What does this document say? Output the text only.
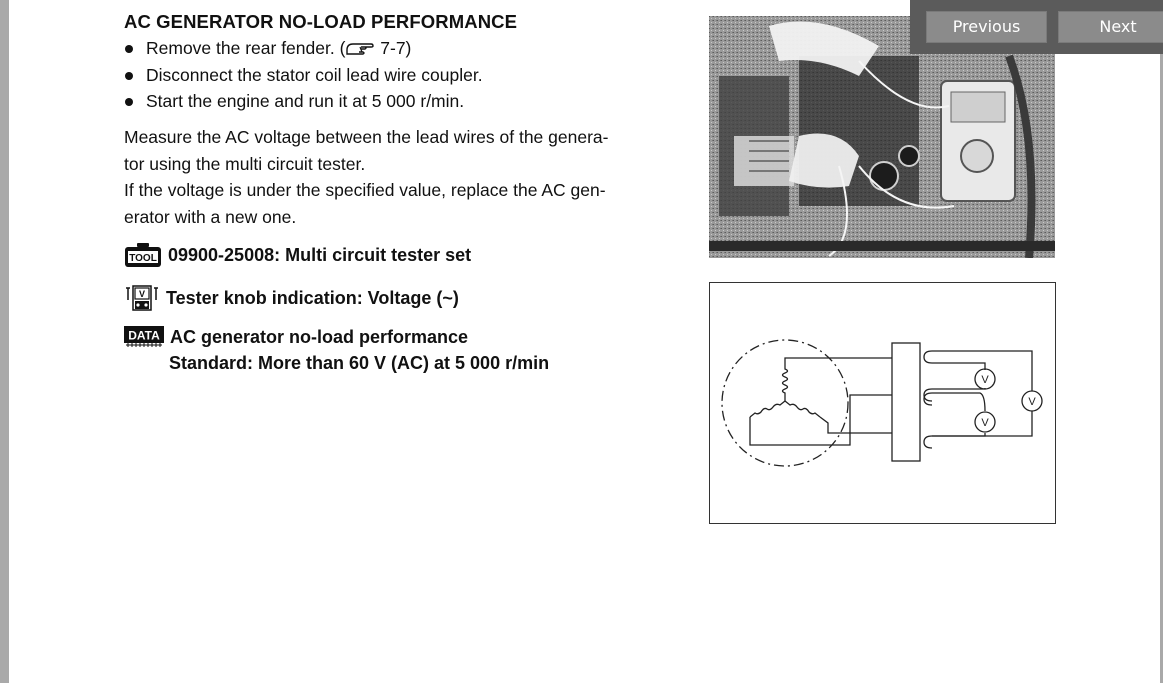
AC GENERATOR NO-LOAD PERFORMANCE
Remove the rear fender. ( 7-7)
Disconnect the stator coil lead wire coupler.
Start the engine and run it at 5 000 r/min.
Measure the AC voltage between the lead wires of the genera-
tor using the multi circuit tester.
If the voltage is under the specified value, replace the AC gen-
erator with a new one.
TOOL 09900-25008: Multi circuit tester set
V Tester knob indication: Voltage (~)
DATA AC generator no-load performance
Standard: More than 60 V (AC) at 5 000 r/min
V
V
V
Previous	Next
